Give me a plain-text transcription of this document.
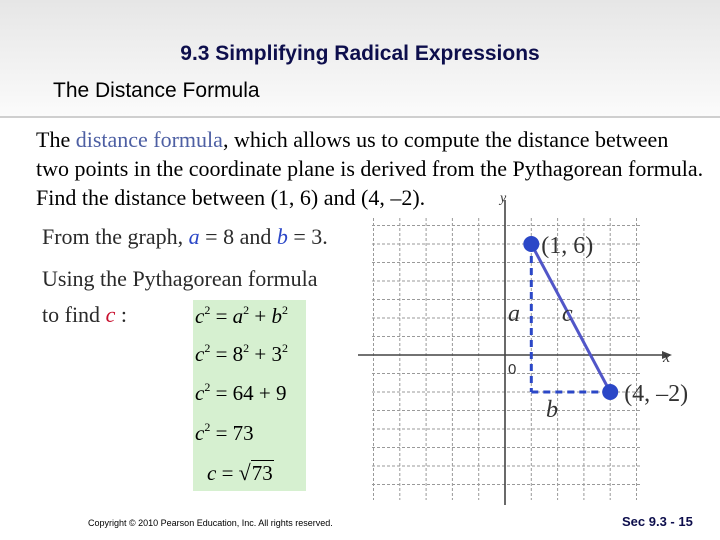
9.3 Simplifying Radical Expressions
The Distance Formula
The distance formula, which allows us to compute the distance between two points in the coordinate plane is derived from the Pythagorean formula. Find the distance between (1, 6) and (4, –2).
x
y
0
(1, 6)
(4, –2)
a c
b
From the graph, a = 8 and b = 3.
Using the Pythagorean formula
to find c :	$c^2 = a^2 + b^2$
$c^2 = 8^2 + 3^2$
$c^2 = 64 + 9$
$c^2 = 73$
c = √73
Copyright © 2010 Pearson Education, Inc. All rights reserved.	Sec 9.3 - 15
